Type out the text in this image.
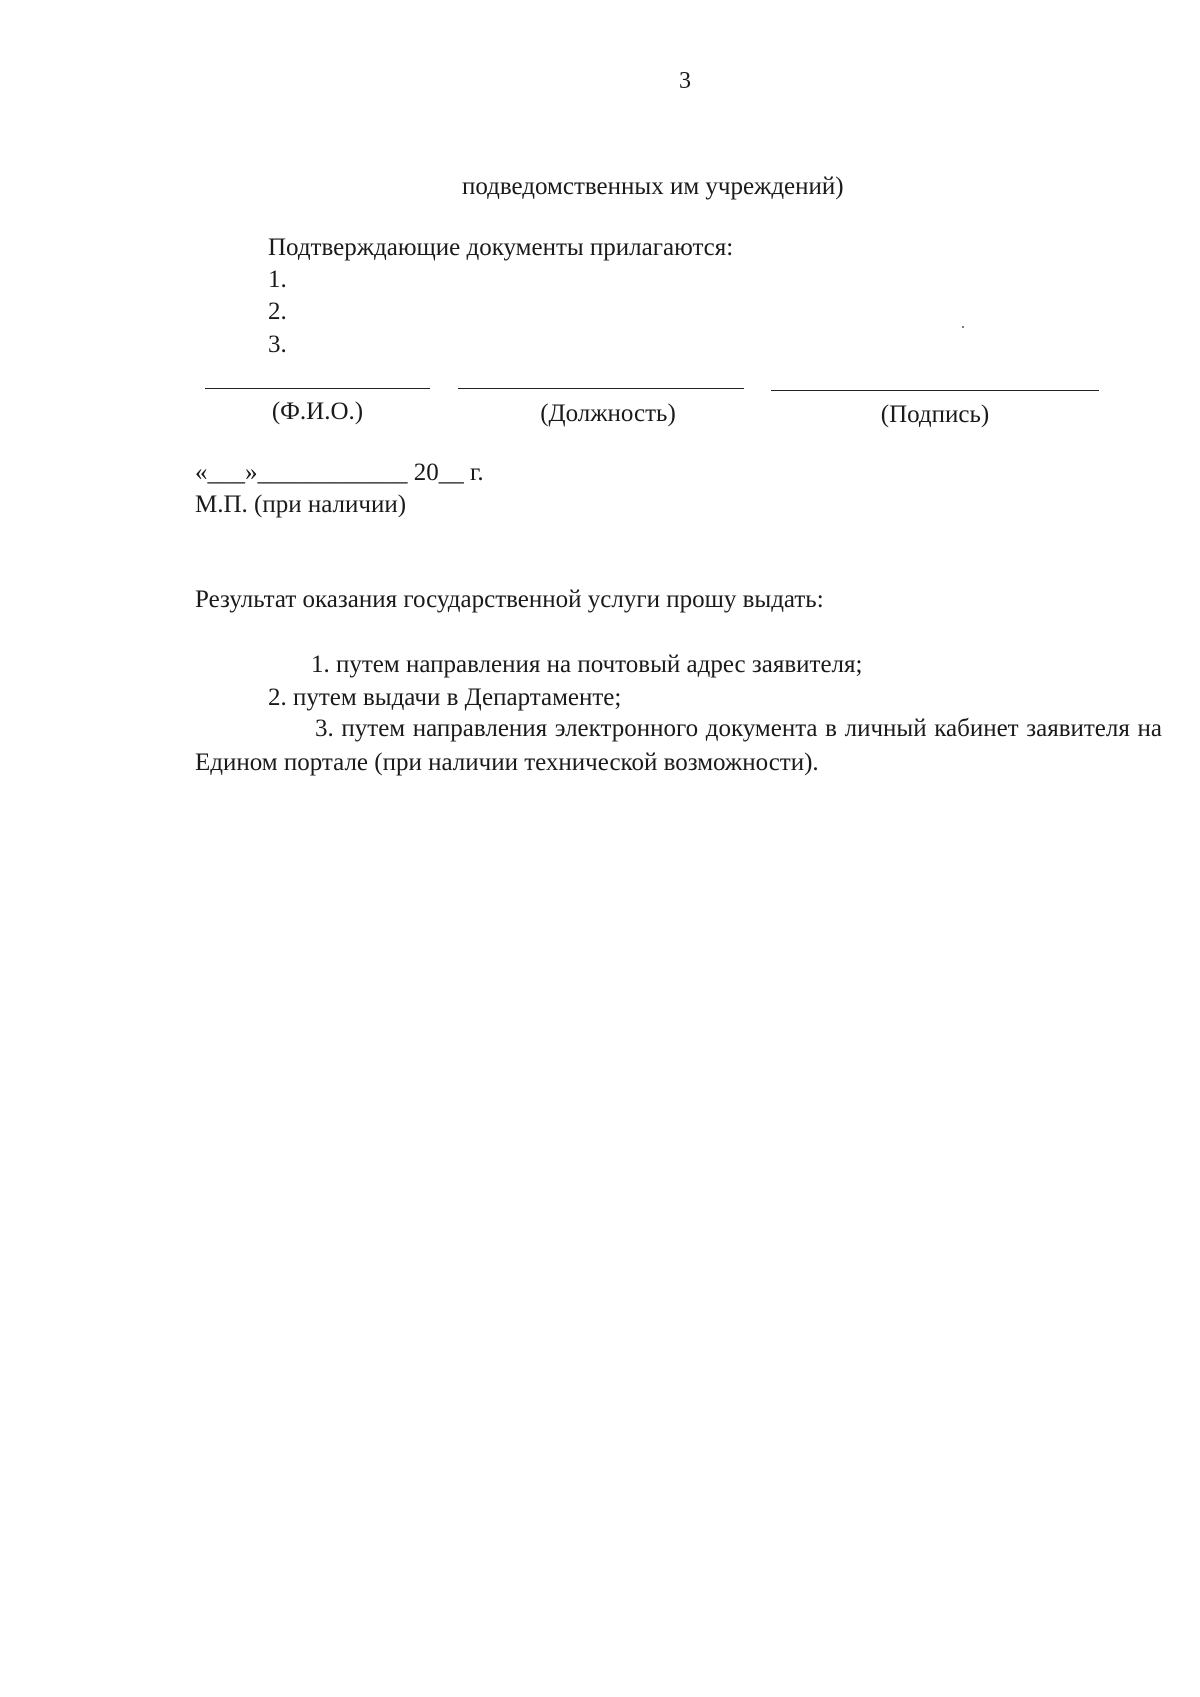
3
подведомственных им учреждений)
Подтверждающие документы прилагаются:
1.
2.
3.
(Ф.И.О.)	(Должность)	(Подпись)
«___»____________ 20__ г.
М.П. (при наличии)
Результат оказания государственной услуги прошу выдать:
1. путем направления на почтовый адрес заявителя;
2. путем выдачи в Департаменте;
3. путем направления электронного документа в личный кабинет заявителя на Едином портале (при наличии технической возможности).
